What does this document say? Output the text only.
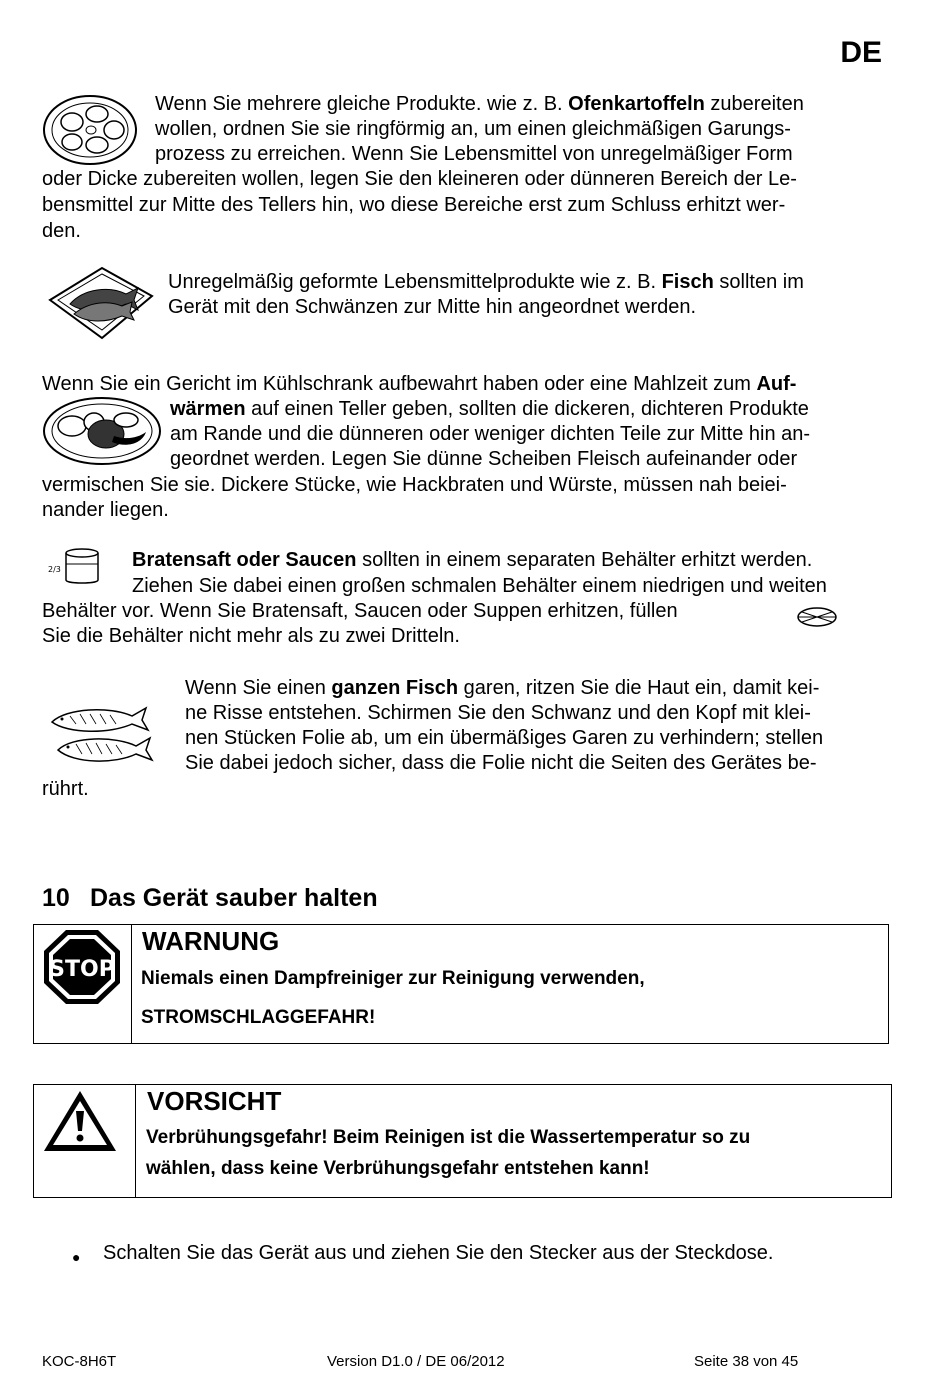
DE
Wenn Sie mehrere gleiche Produkte. wie z. B. Ofenkartoffeln zubereiten
wollen, ordnen Sie sie ringförmig an, um einen gleichmäßigen Garungs-
prozess zu erreichen. Wenn Sie Lebensmittel von unregelmäßiger Form
oder Dicke zubereiten wollen, legen Sie den kleineren oder dünneren Bereich der Le-
bensmittel zur Mitte des Tellers hin, wo diese Bereiche erst zum Schluss erhitzt wer-
den.
Unregelmäßig geformte Lebensmittelprodukte wie z. B. Fisch sollten im
Gerät mit den Schwänzen zur Mitte hin angeordnet werden.
Wenn Sie ein Gericht im Kühlschrank aufbewahrt haben oder eine Mahlzeit zum Auf-
wärmen auf einen Teller geben, sollten die dickeren, dichteren Produkte
am Rande und die dünneren oder weniger dichten Teile zur Mitte hin an-
geordnet werden. Legen Sie dünne Scheiben Fleisch aufeinander oder
vermischen Sie sie. Dickere Stücke, wie Hackbraten und Würste, müssen nah beiei-
nander liegen.
2/3	Bratensaft oder Saucen sollten in einem separaten Behälter erhitzt werden.
Ziehen Sie dabei einen großen schmalen Behälter einem niedrigen und weiten
Behälter vor. Wenn Sie Bratensaft, Saucen oder Suppen erhitzen, füllen
Sie die Behälter nicht mehr als zu zwei Dritteln.
Wenn Sie einen ganzen Fisch garen, ritzen Sie die Haut ein, damit kei-
ne Risse entstehen. Schirmen Sie den Schwanz und den Kopf mit klei-
nen Stücken Folie ab, um ein übermäßiges Garen zu verhindern; stellen
Sie dabei jedoch sicher, dass die Folie nicht die Seiten des Gerätes be-
rührt.
10 Das Gerät sauber halten
STOP
WARNUNG
Niemals einen Dampfreiniger zur Reinigung verwenden,
STROMSCHLAGGEFAHR!
VORSICHT
Verbrühungsgefahr! Beim Reinigen ist die Wassertemperatur so zu
wählen, dass keine Verbrühungsgefahr entstehen kann!
● Schalten Sie das Gerät aus und ziehen Sie den Stecker aus der Steckdose.
KOC-8H6T	Version D1.0 / DE 06/2012	Seite 38 von 45
